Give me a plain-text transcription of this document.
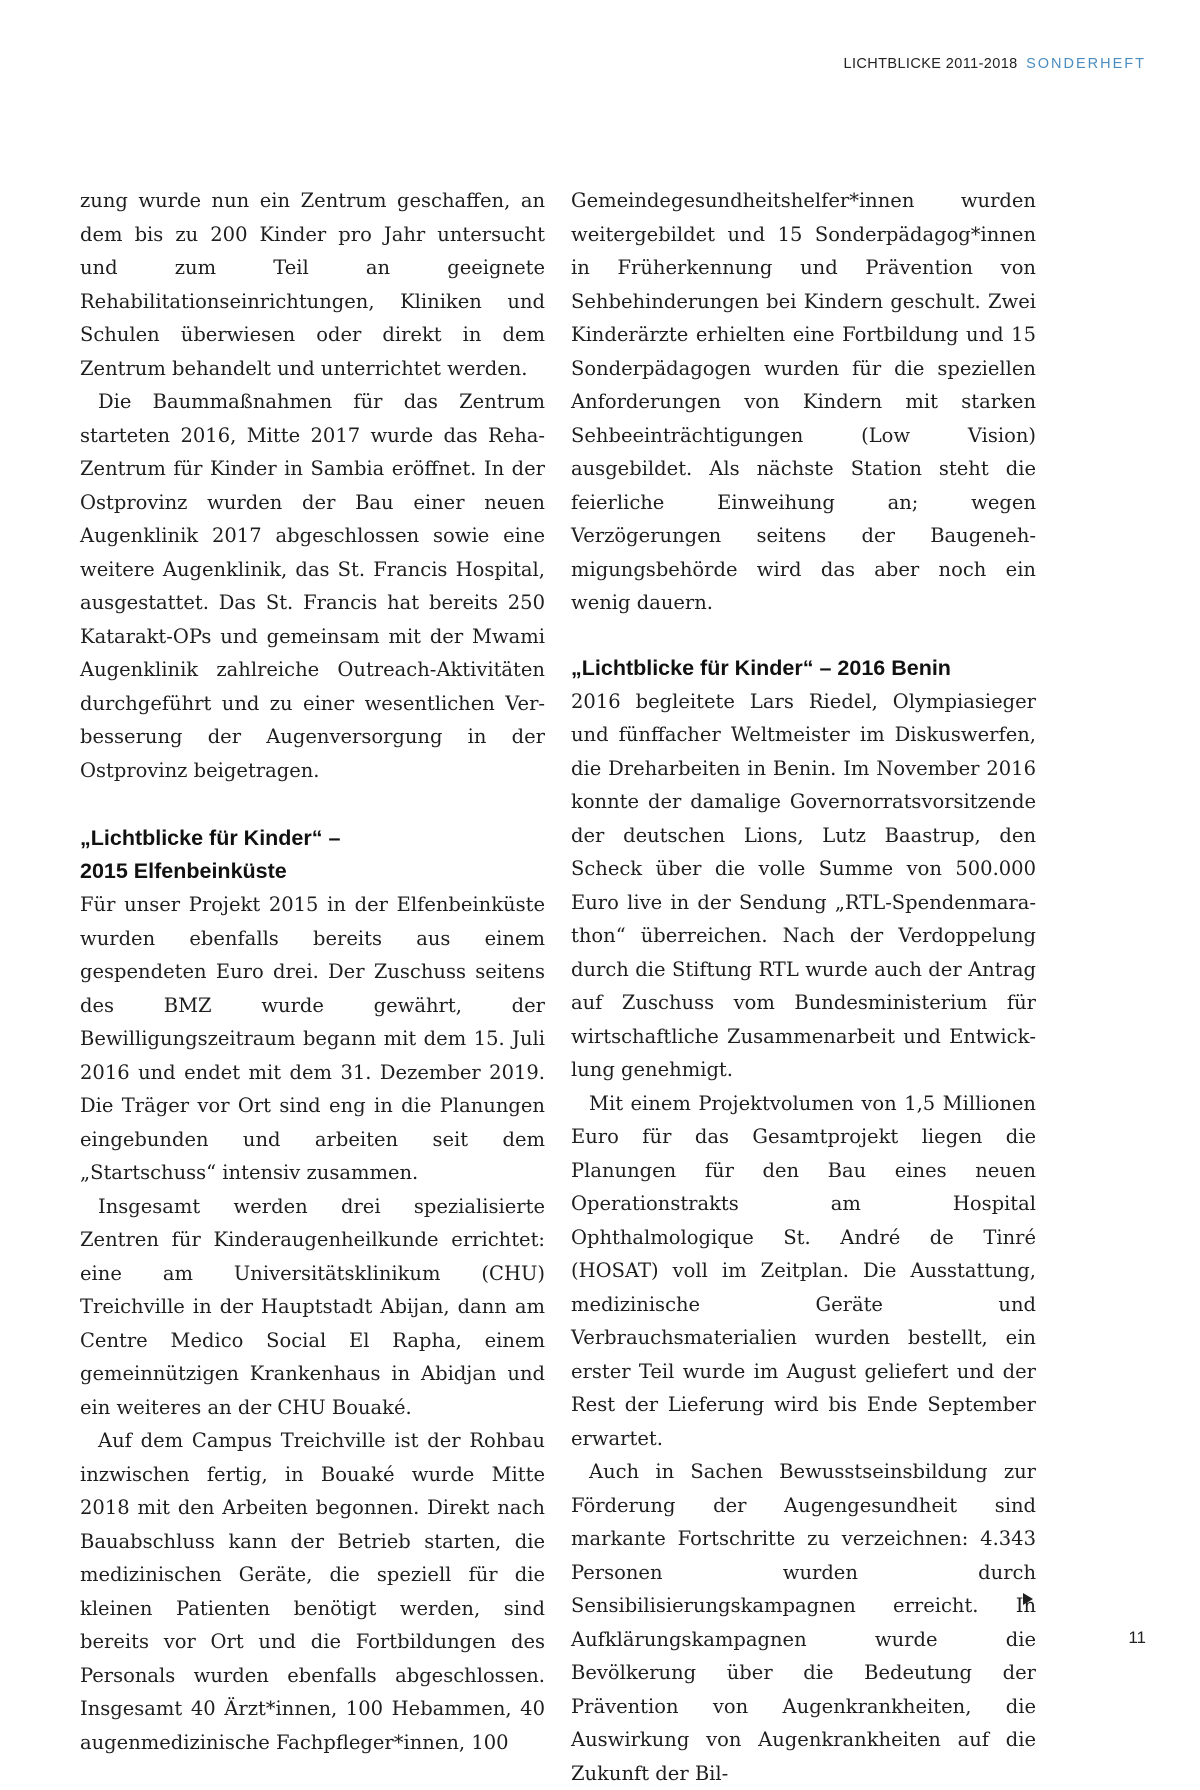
LICHTBLICKE 2011-2018 SONDERHEFT

zung wurde nun ein Zentrum geschaffen, an dem bis zu 200 Kinder pro Jahr untersucht und zum Teil an geeignete Rehabilitationseinrichtungen, Kliniken und Schulen überwiesen oder direkt in dem Zentrum behandelt und unterrichtet werden.

Die Baummaßnahmen für das Zentrum starteten 2016, Mitte 2017 wurde das Reha-Zentrum für Kinder in Sambia eröffnet. In der Ostprovinz wurden der Bau einer neuen Augenklinik 2017 abgeschlossen sowie eine weitere Augenklinik, das St. Francis Hospital, ausgestattet. Das St. Francis hat bereits 250 Katarakt-OPs und gemeinsam mit der Mwami Augenklinik zahlreiche Outreach-Aktivitäten durchgeführt und zu einer wesentlichen Verbesserung der Augenversorgung in der Ostprovinz beigetragen.

„Lichtblicke für Kinder“ –
2015 Elfenbeinküste

Für unser Projekt 2015 in der Elfenbeinküste wurden ebenfalls bereits aus einem gespendeten Euro drei. Der Zuschuss seitens des BMZ wurde gewährt, der Bewilligungszeitraum begann mit dem 15. Juli 2016 und endet mit dem 31. Dezember 2019. Die Träger vor Ort sind eng in die Planungen eingebunden und arbeiten seit dem „Startschuss“ intensiv zusammen.

Insgesamt werden drei spezialisierte Zentren für Kinderaugenheilkunde errichtet: eine am Universitätsklinikum (CHU) Treichville in der Hauptstadt Abijan, dann am Centre Medico Social El Rapha, einem gemeinnützigen Krankenhaus in Abidjan und ein weiteres an der CHU Bouaké.

Auf dem Campus Treichville ist der Rohbau inzwischen fertig, in Bouaké wurde Mitte 2018 mit den Arbeiten begonnen. Direkt nach Bauabschluss kann der Betrieb starten, die medizinischen Geräte, die speziell für die kleinen Patienten benötigt werden, sind bereits vor Ort und die Fortbildungen des Personals wurden ebenfalls abgeschlossen. Insgesamt 40 Ärzt*innen, 100 Hebammen, 40 augenmedizinische Fachpfleger*innen, 100

Gemeindegesundheitshelfer*innen wurden weitergebildet und 15 Sonderpädagog*innen in Früherkennung und Prävention von Sehbehinderungen bei Kindern geschult. Zwei Kinderärzte erhielten eine Fortbildung und 15 Sonderpädagogen wurden für die speziellen Anforderungen von Kindern mit starken Sehbeeinträchtigungen (Low Vision) ausgebildet. Als nächste Station steht die feierliche Einweihung an; wegen Verzögerungen seitens der Baugenehmigungsbehörde wird das aber noch ein wenig dauern.

„Lichtblicke für Kinder“ – 2016 Benin

2016 begleitete Lars Riedel, Olympiasieger und fünffacher Weltmeister im Diskuswerfen, die Dreharbeiten in Benin. Im November 2016 konnte der damalige Governorratsvorsitzende der deutschen Lions, Lutz Baastrup, den Scheck über die volle Summe von 500.000 Euro live in der Sendung „RTL-Spendenmarathon“ überreichen. Nach der Verdoppelung durch die Stiftung RTL wurde auch der Antrag auf Zuschuss vom Bundesministerium für wirtschaftliche Zusammenarbeit und Entwicklung genehmigt.

Mit einem Projektvolumen von 1,5 Millionen Euro für das Gesamtprojekt liegen die Planungen für den Bau eines neuen Operationstrakts am Hospital Ophthalmologique St. André de Tinré (HOSAT) voll im Zeitplan. Die Ausstattung, medizinische Geräte und Verbrauchsmaterialien wurden bestellt, ein erster Teil wurde im August geliefert und der Rest der Lieferung wird bis Ende September erwartet.

Auch in Sachen Bewusstseinsbildung zur Förderung der Augengesundheit sind markante Fortschritte zu verzeichnen: 4.343 Personen wurden durch Sensibilisierungskampagnen erreicht. In Aufklärungskampagnen wurde die Bevölkerung über die Bedeutung der Prävention von Augenkrankheiten, die Auswirkung von Augenkrankheiten auf die Zukunft der Bil-

11
